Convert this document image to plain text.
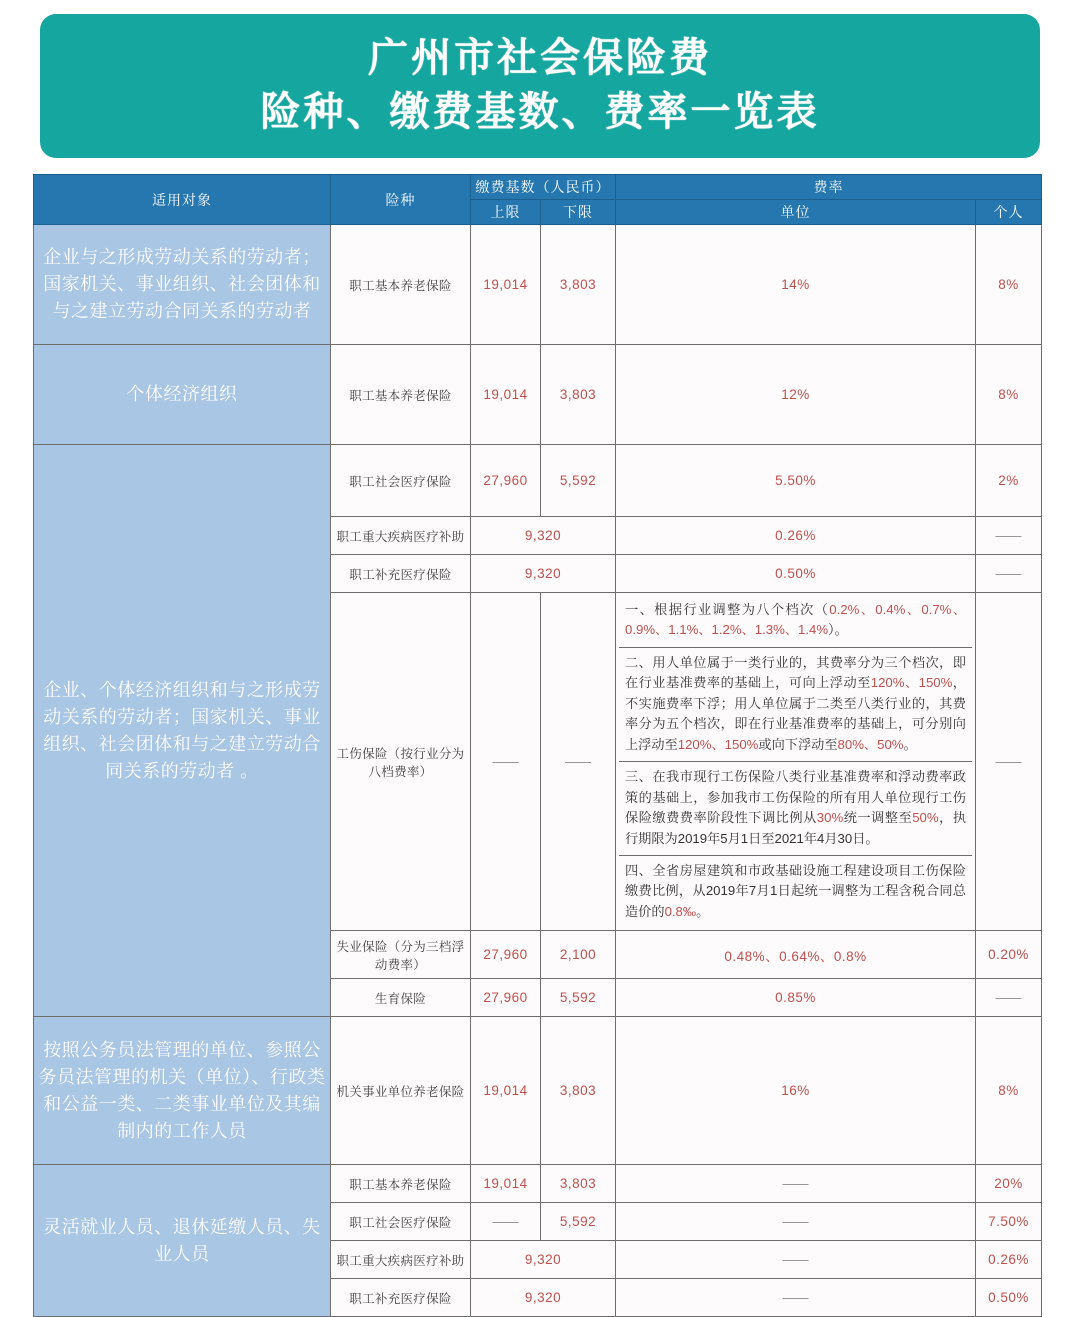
广州市社会保险费
险种、缴费基数、费率一览表
适用对象	险种	缴费基数（人民币）		费率	
		上限	下限	单位	个人
企业与之形成劳动关系的劳动者；国家机关、事业组织、社会团体和与之建立劳动合同关系的劳动者	职工基本养老保险	19,014	3,803	14%	8%
个体经济组织	职工基本养老保险	19,014	3,803	12%	8%
企业、个体经济组织和与之形成劳动关系的劳动者；国家机关、事业组织、社会团体和与之建立劳动合同关系的劳动者 。	职工社会医疗保险	27,960	5,592	5.50%	2%
	职工重大疾病医疗补助	9,320		0.26%	——
	职工补充医疗保险	9,320		0.50%	——
	工伤保险（按行业分为八档费率）	——	——	一、根据行业调整为八个档次（0.2%、0.4%、0.7%、0.9%、1.1%、1.2%、1.3%、1.4%）。
二、用人单位属于一类行业的，其费率分为三个档次，即在行业基准费率的基础上，可向上浮动至120%、150%，不实施费率下浮；用人单位属于二类至八类行业的，其费率分为五个档次，即在行业基准费率的基础上，可分别向上浮动至120%、150%或向下浮动至80%、50%。
三、在我市现行工伤保险八类行业基准费率和浮动费率政策的基础上，参加我市工伤保险的所有用人单位现行工伤保险缴费费率阶段性下调比例从30%统一调整至50%，执行期限为2019年5月1日至2021年4月30日。
四、全省房屋建筑和市政基础设施工程建设项目工伤保险缴费比例，从2019年7月1日起统一调整为工程含税合同总造价的0.8‰。	——
	失业保险（分为三档浮动费率）	27,960	2,100	0.48%、0.64%、0.8%	0.20%
	生育保险	27,960	5,592	0.85%	——
按照公务员法管理的单位、参照公务员法管理的机关（单位）、行政类和公益一类、二类事业单位及其编制内的工作人员	机关事业单位养老保险	19,014	3,803	16%	8%
灵活就业人员、退休延缴人员、失业人员	职工基本养老保险	19,014	3,803	——	20%
	职工社会医疗保险	——	5,592	——	7.50%
	职工重大疾病医疗补助	9,320		——	0.26%
	职工补充医疗保险	9,320		——	0.50%
